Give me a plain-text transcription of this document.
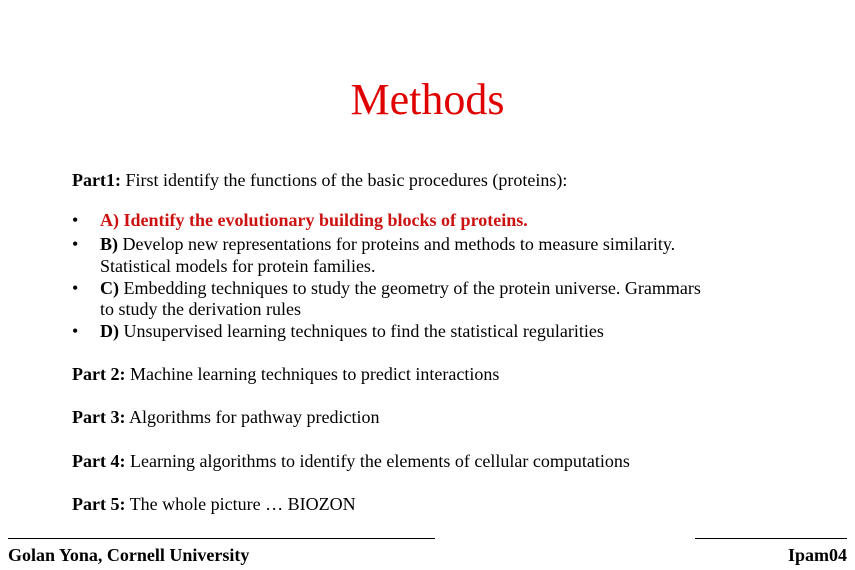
Methods
Part1: First identify the functions of the basic procedures (proteins):
• A) Identify the evolutionary building blocks of proteins.
• B) Develop new representations for proteins and methods to measure similarity.
Statistical models for protein families.
• C) Embedding techniques to study the geometry of the protein universe. Grammars
to study the derivation rules
• D) Unsupervised learning techniques to find the statistical regularities
Part 2: Machine learning techniques to predict interactions
Part 3: Algorithms for pathway prediction
Part 4: Learning algorithms to identify the elements of cellular computations
Part 5: The whole picture … BIOZON
Golan Yona, Cornell University	Ipam04
